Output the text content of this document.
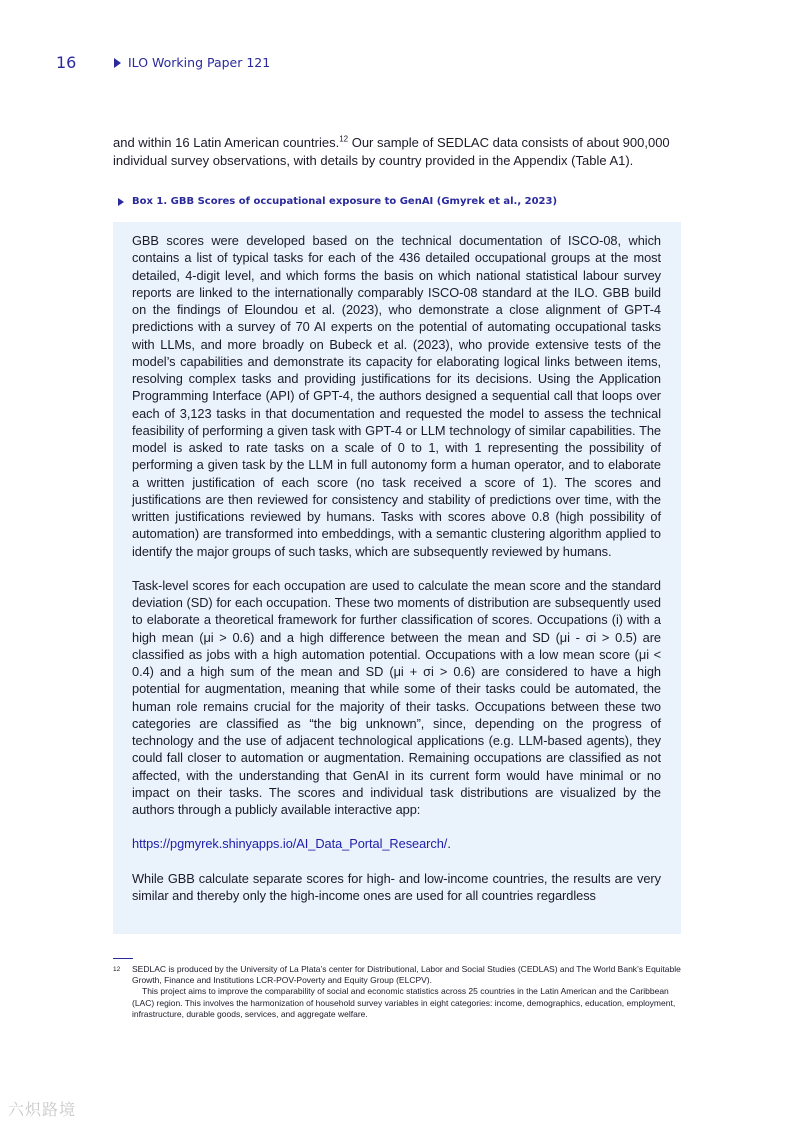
16	ILO Working Paper 121

and within 16 Latin American countries.$^{12}$ Our sample of SEDLAC data consists of about 900,000 individual survey observations, with details by country provided in the Appendix (Table A1).

Box 1. GBB Scores of occupational exposure to GenAI (Gmyrek et al., 2023)

GBB scores were developed based on the technical documentation of ISCO-08, which contains a list of typical tasks for each of the 436 detailed occupational groups at the most detailed, 4-digit level, and which forms the basis on which national statistical labour survey reports are linked to the internationally comparably ISCO-08 standard at the ILO. GBB build on the findings of Eloundou et al. (2023), who demonstrate a close alignment of GPT-4 predictions with a survey of 70 AI experts on the potential of automating occupational tasks with LLMs, and more broadly on Bubeck et al. (2023), who provide extensive tests of the model’s capabilities and demonstrate its capacity for elaborating logical links between items, resolving complex tasks and providing justifications for its decisions. Using the Application Programming Interface (API) of GPT-4, the authors designed a sequential call that loops over each of 3,123 tasks in that documentation and requested the model to assess the technical feasibility of performing a given task with GPT-4 or LLM technology of similar capabilities. The model is asked to rate tasks on a scale of 0 to 1, with 1 representing the possibility of performing a given task by the LLM in full autonomy form a human operator, and to elaborate a written justification of each score (no task received a score of 1). The scores and justifications are then reviewed for consistency and stability of predictions over time, with the written justifications reviewed by humans. Tasks with scores above 0.8 (high possibility of automation) are transformed into embeddings, with a semantic clustering algorithm applied to identify the major groups of such tasks, which are subsequently reviewed by humans.

Task-level scores for each occupation are used to calculate the mean score and the standard deviation (SD) for each occupation. These two moments of distribution are subsequently used to elaborate a theoretical framework for further classification of scores. Occupations (i) with a high mean (μi > 0.6) and a high difference between the mean and SD (μi - σi > 0.5) are classified as jobs with a high automation potential. Occupations with a low mean score (μi < 0.4) and a high sum of the mean and SD (μi + σi > 0.6) are considered to have a high potential for augmentation, meaning that while some of their tasks could be automated, the human role remains crucial for the majority of their tasks. Occupations between these two categories are classified as “the big unknown”, since, depending on the progress of technology and the use of adjacent technological applications (e.g. LLM-based agents), they could fall closer to automation or augmentation. Remaining occupations are classified as not affected, with the understanding that GenAI in its current form would have minimal or no impact on their tasks. The scores and individual task distributions are visualized by the authors through a publicly available interactive app:

https://pgmyrek.shinyapps.io/AI_Data_Portal_Research/.

While GBB calculate separate scores for high- and low-income countries, the results are very similar and thereby only the high-income ones are used for all countries regardless

12 SEDLAC is produced by the University of La Plata’s center for Distributional, Labor and Social Studies (CEDLAS) and The World Bank’s Equitable Growth, Finance and Institutions LCR-POV-Poverty and Equity Group (ELCPV).

This project aims to improve the comparability of social and economic statistics across 25 countries in the Latin American and the Caribbean (LAC) region. This involves the harmonization of household survey variables in eight categories: income, demographics, education, employment, infrastructure, durable goods, services, and aggregate welfare.

六炽路境
